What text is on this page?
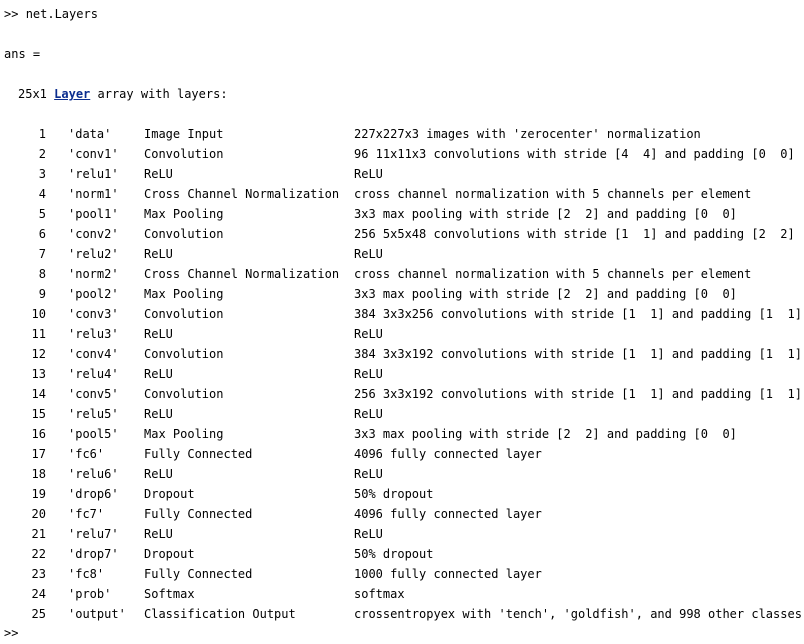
>> net.Layers
ans =
25x1 Layer array with layers:
1 'data'	Image Input	227x227x3 images with 'zerocenter' normalization
2 'conv1' Convolution	96 11x11x3 convolutions with stride [4  4] and padding [0  0]
3 'relu1' ReLU	ReLU
4 'norm1' Cross Channel Normalization cross channel normalization with 5 channels per element
5 'pool1' Max Pooling	3x3 max pooling with stride [2  2] and padding [0  0]
6 'conv2' Convolution	256 5x5x48 convolutions with stride [1  1] and padding [2  2]
7 'relu2' ReLU	ReLU
8 'norm2' Cross Channel Normalization cross channel normalization with 5 channels per element
9 'pool2' Max Pooling	3x3 max pooling with stride [2  2] and padding [0  0]
10 'conv3' Convolution	384 3x3x256 convolutions with stride [1  1] and padding [1  1]
11 'relu3' ReLU	ReLU
12 'conv4' Convolution	384 3x3x192 convolutions with stride [1  1] and padding [1  1]
13 'relu4' ReLU	ReLU
14 'conv5' Convolution	256 3x3x192 convolutions with stride [1  1] and padding [1  1]
15 'relu5' ReLU	ReLU
16 'pool5' Max Pooling	3x3 max pooling with stride [2  2] and padding [0  0]
17 'fc6'	Fully Connected	4096 fully connected layer
18 'relu6' ReLU	ReLU
19 'drop6' Dropout	50% dropout
20 'fc7'	Fully Connected	4096 fully connected layer
21 'relu7' ReLU	ReLU
22 'drop7' Dropout	50% dropout
23 'fc8'	Fully Connected	1000 fully connected layer
24 'prob'	Softmax	softmax
25 'output' Classification Output	crossentropyex with 'tench', 'goldfish', and 998 other classes
>>
